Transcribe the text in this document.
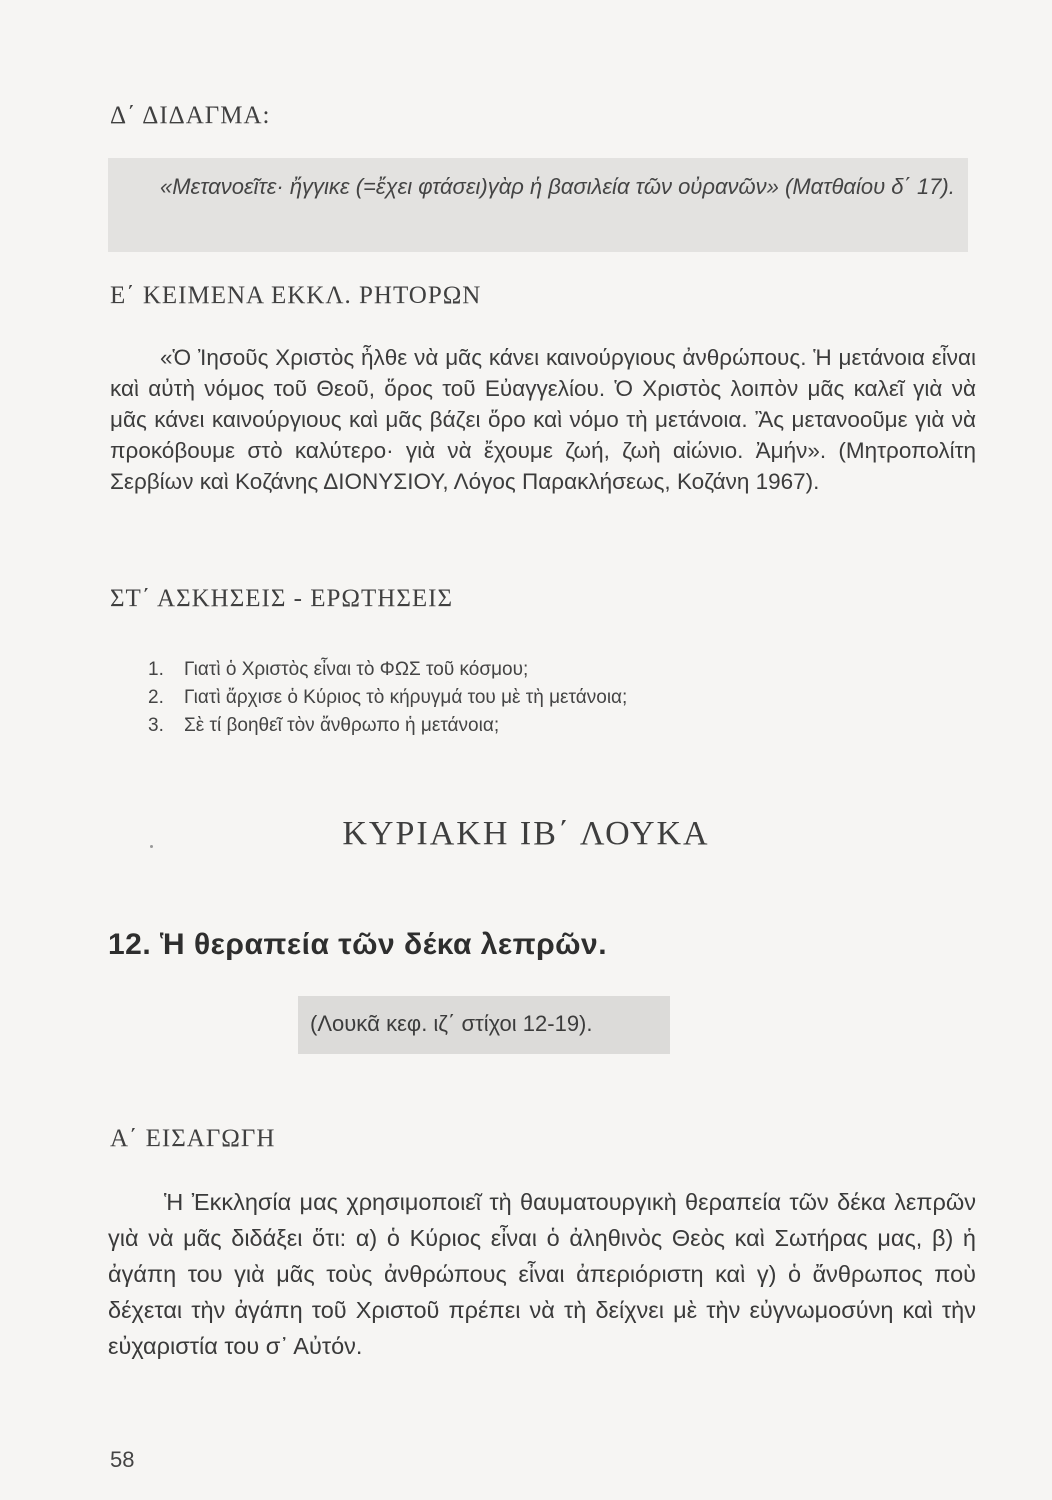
Δ΄ ΔΙΔΑΓΜΑ:
«Μετανοεῖτε· ἤγγικε (=ἔχει φτάσει)γὰρ ἡ βασιλεία τῶν οὐρανῶν» (Ματθαίου δ΄ 17).
Ε΄ ΚΕΙΜΕΝΑ ΕΚΚΛ. ΡΗΤΟΡΩΝ
«Ὁ Ἰησοῦς Χριστὸς ἦλθε νὰ μᾶς κάνει καινούργιους ἀνθρώπους. Ἡ μετάνοια εἶναι καὶ αὐτὴ νόμος τοῦ Θεοῦ, ὅρος τοῦ Εὐαγγελίου. Ὁ Χριστὸς λοιπὸν μᾶς καλεῖ γιὰ νὰ μᾶς κάνει καινούργιους καὶ μᾶς βάζει ὅρο καὶ νόμο τὴ μετάνοια. Ἂς μετανοοῦμε γιὰ νὰ προκόβουμε στὸ καλύτερο· γιὰ νὰ ἔχουμε ζωή, ζωὴ αἰώνιο. Ἀμήν». (Μητροπολίτη Σερβίων καὶ Κοζάνης ΔΙΟΝΥΣΙΟΥ, Λόγος Παρακλήσεως, Κοζάνη 1967).
ΣΤ΄ ΑΣΚΗΣΕΙΣ - ΕΡΩΤΗΣΕΙΣ
1. Γιατὶ ὁ Χριστὸς εἶναι τὸ ΦΩΣ τοῦ κόσμου;
2. Γιατὶ ἄρχισε ὁ Κύριος τὸ κήρυγμά του μὲ τὴ μετάνοια;
3. Σὲ τί βοηθεῖ τὸν ἄνθρωπο ἡ μετάνοια;
ΚΥΡΙΑΚΗ ΙΒ΄ ΛΟΥΚΑ
12. Ἡ θεραπεία τῶν δέκα λεπρῶν.
(Λουκᾶ κεφ. ιζ΄ στίχοι 12-19).
Α΄ ΕΙΣΑΓΩΓΗ
Ἡ Ἐκκλησία μας χρησιμοποιεῖ τὴ θαυματουργικὴ θεραπεία τῶν δέκα λεπρῶν γιὰ νὰ μᾶς διδάξει ὅτι: α) ὁ Κύριος εἶναι ὁ ἀληθινὸς Θεὸς καὶ Σωτήρας μας, β) ἡ ἀγάπη του γιὰ μᾶς τοὺς ἀνθρώπους εἶναι ἀπεριόριστη καὶ γ) ὁ ἄνθρωπος ποὺ δέχεται τὴν ἀγάπη τοῦ Χριστοῦ πρέπει νὰ τὴ δείχνει μὲ τὴν εὐγνωμοσύνη καὶ τὴν εὐχαριστία του σ᾽ Αὐτόν.
58
